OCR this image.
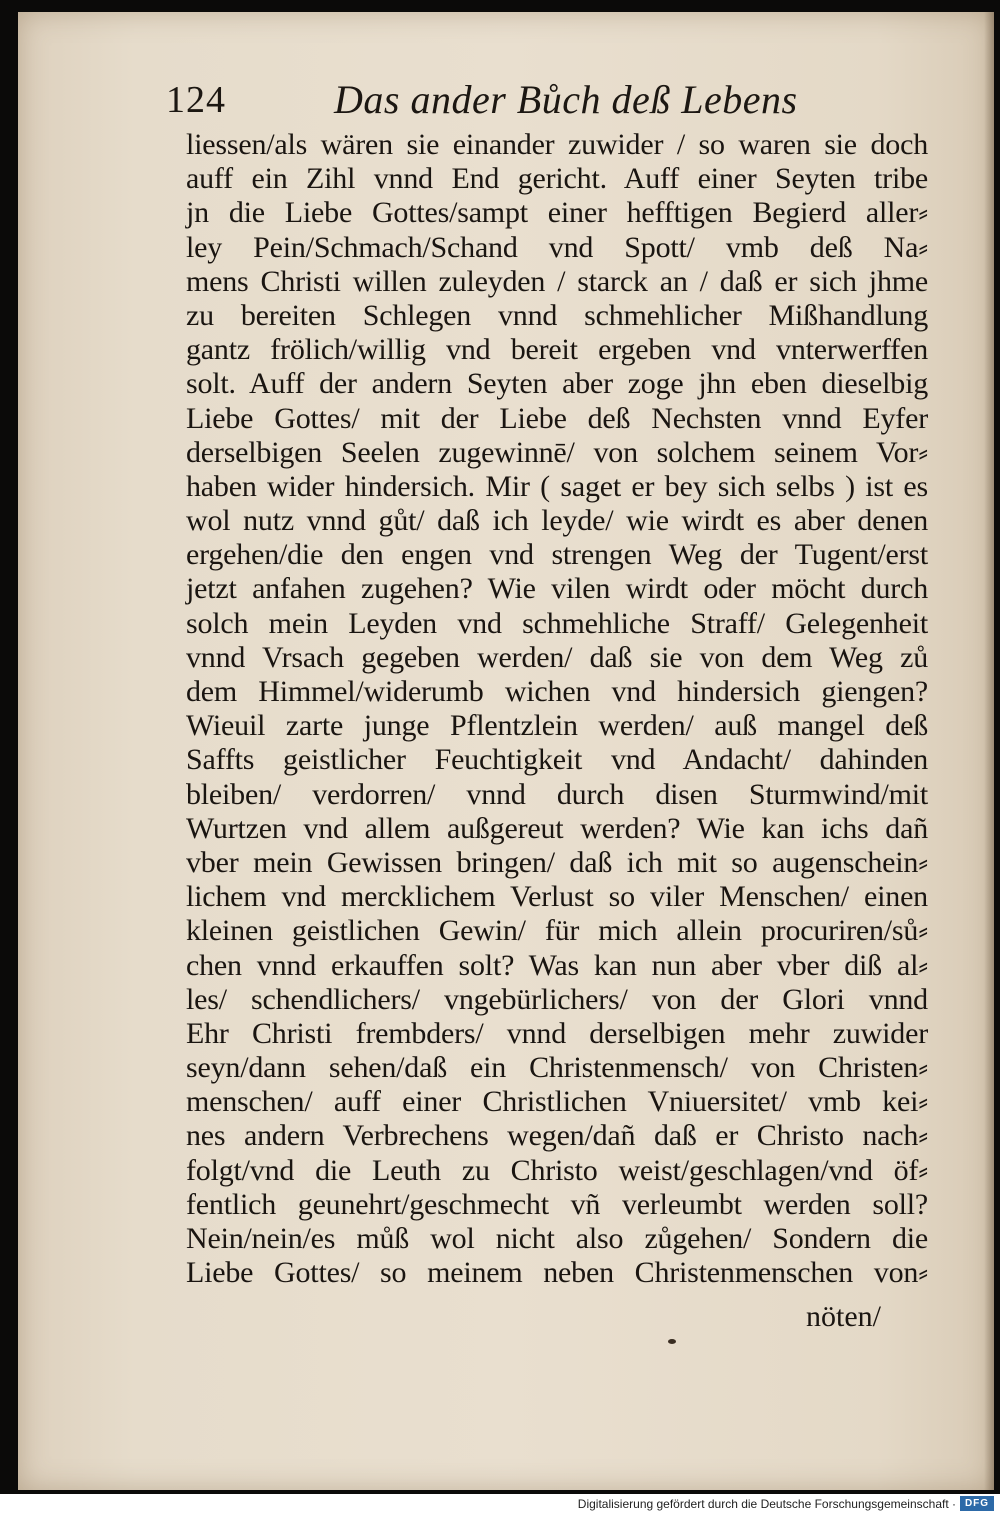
124	Das ander Bůch deß Lebens
liessen/als wären sie einander zuwider / so waren sie doch
auff ein Zihl vnnd End gericht. Auff einer Seyten tribe
jn die Liebe Gottes/sampt einer hefftigen Begierd aller⸗
ley Pein/Schmach/Schand vnd Spott/ vmb deß Na⸗
mens Christi willen zuleyden / starck an / daß er sich jhme
zu bereiten Schlegen vnnd schmehlicher Mißhandlung
gantz frölich/willig vnd bereit ergeben vnd vnterwerffen
solt. Auff der andern Seyten aber zoge jhn eben dieselbig
Liebe Gottes/ mit der Liebe deß Nechsten vnnd Eyfer
derselbigen Seelen zugewinnē/ von solchem seinem Vor⸗
haben wider hindersich. Mir ( saget er bey sich selbs ) ist es
wol nutz vnnd gůt/ daß ich leyde/ wie wirdt es aber denen
ergehen/die den engen vnd strengen Weg der Tugent/erst
jetzt anfahen zugehen? Wie vilen wirdt oder möcht durch
solch mein Leyden vnd schmehliche Straff/ Gelegenheit
vnnd Vrsach gegeben werden/ daß sie von dem Weg zů
dem Himmel/widerumb wichen vnd hindersich giengen?
Wieuil zarte junge Pflentzlein werden/ auß mangel deß
Saffts geistlicher Feuchtigkeit vnd Andacht/ dahinden
bleiben/ verdorren/ vnnd durch disen Sturmwind/mit
Wurtzen vnd allem außgereut werden? Wie kan ichs dañ
vber mein Gewissen bringen/ daß ich mit so augenschein⸗
lichem vnd mercklichem Verlust so viler Menschen/ einen
kleinen geistlichen Gewin/ für mich allein procuriren/sů⸗
chen vnnd erkauffen solt? Was kan nun aber vber diß al⸗
les/ schendlichers/ vngebürlichers/ von der Glori vnnd
Ehr Christi frembders/ vnnd derselbigen mehr zuwider
seyn/dann sehen/daß ein Christenmensch/ von Christen⸗
menschen/ auff einer Christlichen Vniuersitet/ vmb kei⸗
nes andern Verbrechens wegen/dañ daß er Christo nach⸗
folgt/vnd die Leuth zu Christo weist/geschlagen/vnd öf⸗
fentlich geunehrt/geschmecht vñ verleumbt werden soll?
Nein/nein/es můß wol nicht also zůgehen/ Sondern die
Liebe Gottes/ so meinem neben Christenmenschen von⸗
nöten/
Digitalisierung gefördert durch die Deutsche Forschungsgemeinschaft · DFG
